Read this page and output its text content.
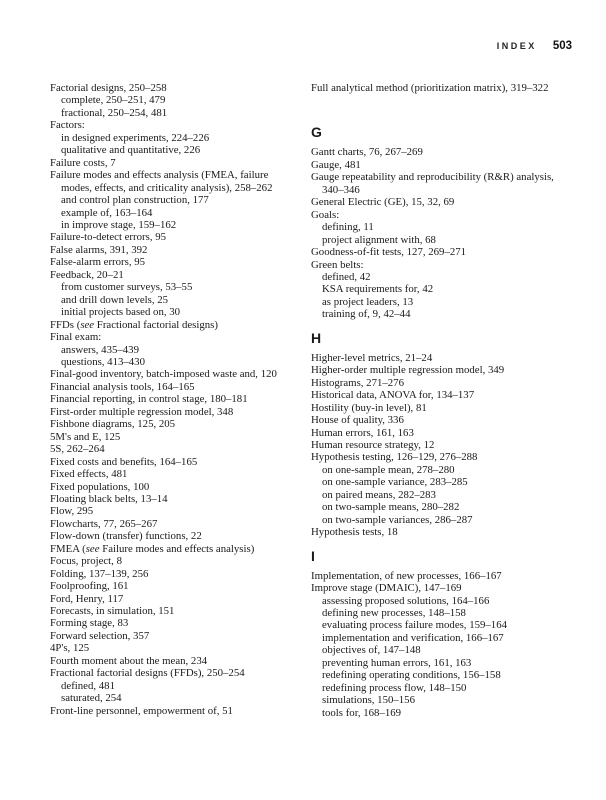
INDEX 503
Factorial designs, 250–258
complete, 250–251, 479
fractional, 250–254, 481
Factors:
in designed experiments, 224–226
qualitative and quantitative, 226
Failure costs, 7
Failure modes and effects analysis (FMEA, failure modes, effects, and criticality analysis), 258–262
and control plan construction, 177
example of, 163–164
in improve stage, 159–162
Failure-to-detect errors, 95
False alarms, 391, 392
False-alarm errors, 95
Feedback, 20–21
from customer surveys, 53–55
and drill down levels, 25
initial projects based on, 30
FFDs (see Fractional factorial designs)
Final exam:
answers, 435–439
questions, 413–430
Final-good inventory, batch-imposed waste and, 120
Financial analysis tools, 164–165
Financial reporting, in control stage, 180–181
First-order multiple regression model, 348
Fishbone diagrams, 125, 205
5M's and E, 125
5S, 262–264
Fixed costs and benefits, 164–165
Fixed effects, 481
Fixed populations, 100
Floating black belts, 13–14
Flow, 295
Flowcharts, 77, 265–267
Flow-down (transfer) functions, 22
FMEA (see Failure modes and effects analysis)
Focus, project, 8
Folding, 137–139, 256
Foolproofing, 161
Ford, Henry, 117
Forecasts, in simulation, 151
Forming stage, 83
Forward selection, 357
4P's, 125
Fourth moment about the mean, 234
Fractional factorial designs (FFDs), 250–254
defined, 481
saturated, 254
Front-line personnel, empowerment of, 51
Full analytical method (prioritization matrix), 319–322
G
Gantt charts, 76, 267–269
Gauge, 481
Gauge repeatability and reproducibility (R&R) analysis, 340–346
General Electric (GE), 15, 32, 69
Goals:
defining, 11
project alignment with, 68
Goodness-of-fit tests, 127, 269–271
Green belts:
defined, 42
KSA requirements for, 42
as project leaders, 13
training of, 9, 42–44
H
Higher-level metrics, 21–24
Higher-order multiple regression model, 349
Histograms, 271–276
Historical data, ANOVA for, 134–137
Hostility (buy-in level), 81
House of quality, 336
Human errors, 161, 163
Human resource strategy, 12
Hypothesis testing, 126–129, 276–288
on one-sample mean, 278–280
on one-sample variance, 283–285
on paired means, 282–283
on two-sample means, 280–282
on two-sample variances, 286–287
Hypothesis tests, 18
I
Implementation, of new processes, 166–167
Improve stage (DMAIC), 147–169
assessing proposed solutions, 164–166
defining new processes, 148–158
evaluating process failure modes, 159–164
implementation and verification, 166–167
objectives of, 147–148
preventing human errors, 161, 163
redefining operating conditions, 156–158
redefining process flow, 148–150
simulations, 150–156
tools for, 168–169
